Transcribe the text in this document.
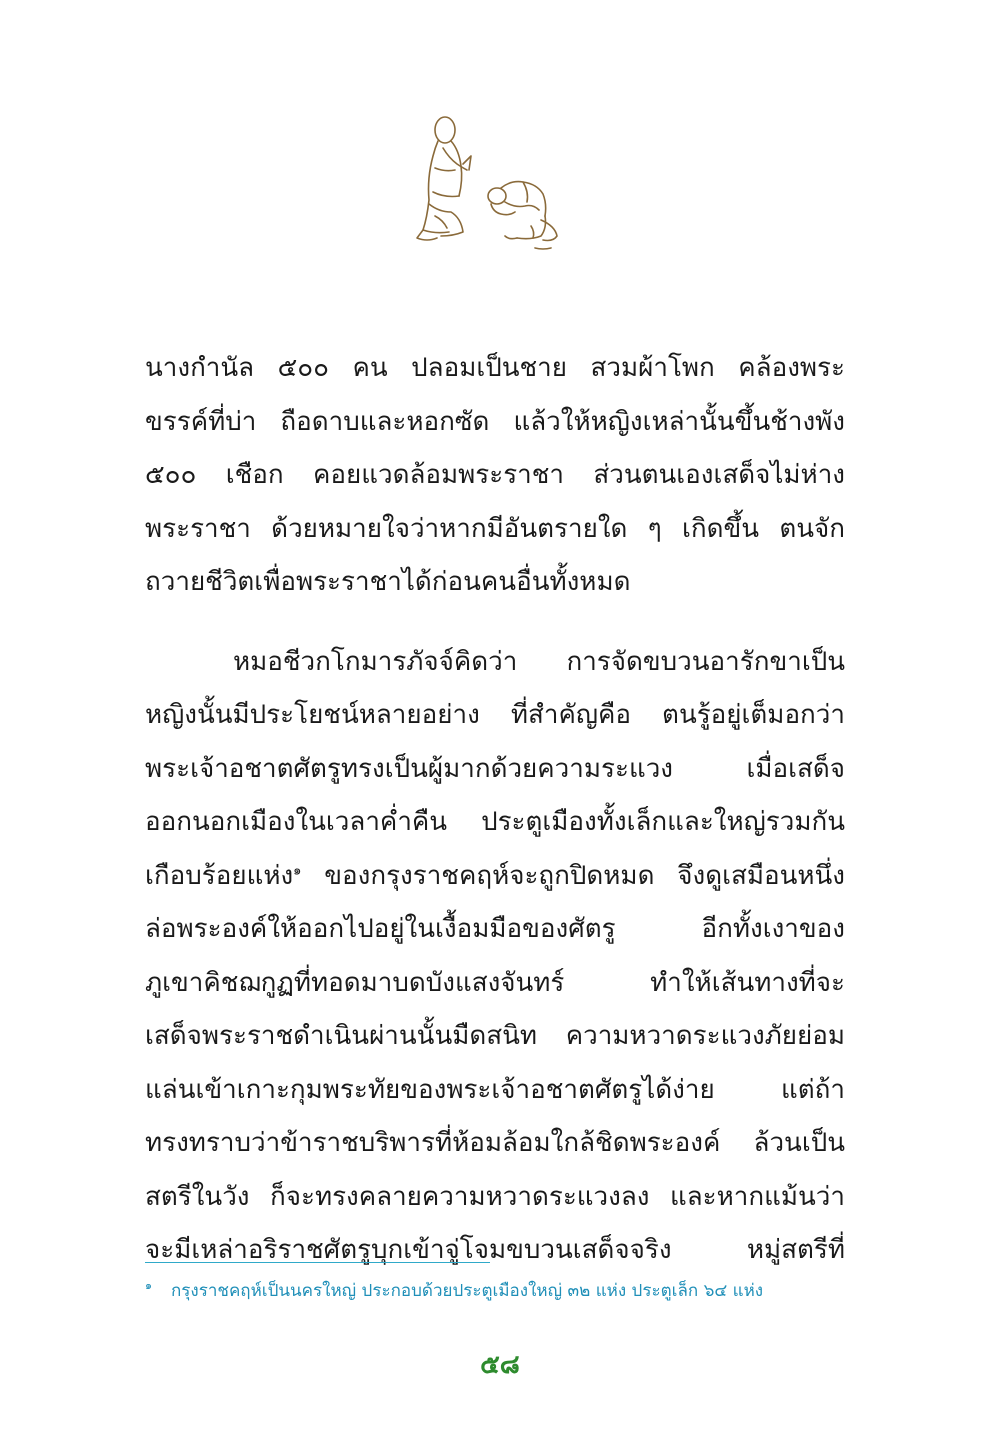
นางกำนัล ๕๐๐ คน ปลอมเป็นชาย สวมผ้าโพก คล้องพระ
ขรรค์ที่บ่า ถือดาบและหอกซัด แล้วให้หญิงเหล่านั้นขึ้นช้างพัง
๕๐๐ เชือก คอยแวดล้อมพระราชา ส่วนตนเองเสด็จไม่ห่าง
พระราชา ด้วยหมายใจว่าหากมีอันตรายใด ๆ เกิดขึ้น ตนจัก
ถวายชีวิตเพื่อพระราชาได้ก่อนคนอื่นทั้งหมด
หมอชีวกโกมารภัจจ์คิดว่า การจัดขบวนอารักขาเป็น
หญิงนั้นมีประโยชน์หลายอย่าง ที่สำคัญคือ ตนรู้อยู่เต็มอกว่า
พระเจ้าอชาตศัตรูทรงเป็นผู้มากด้วยความระแวง เมื่อเสด็จ
ออกนอกเมืองในเวลาค่ำคืน ประตูเมืองทั้งเล็กและใหญ่รวมกัน
เกือบร้อยแห่ง$^๑$ ของกรุงราชคฤห์จะถูกปิดหมด จึงดูเสมือนหนึ่ง
ล่อพระองค์ให้ออกไปอยู่ในเงื้อมมือของศัตรู อีกทั้งเงาของ
ภูเขาคิชฌกูฏที่ทอดมาบดบังแสงจันทร์ ทำให้เส้นทางที่จะ
เสด็จพระราชดำเนินผ่านนั้นมืดสนิท ความหวาดระแวงภัยย่อม
แล่นเข้าเกาะกุมพระทัยของพระเจ้าอชาตศัตรูได้ง่าย แต่ถ้า
ทรงทราบว่าข้าราชบริพารที่ห้อมล้อมใกล้ชิดพระองค์ ล้วนเป็น
สตรีในวัง ก็จะทรงคลายความหวาดระแวงลง และหากแม้นว่า
จะมีเหล่าอริราชศัตรูบุกเข้าจู่โจมขบวนเสด็จจริง หมู่สตรีที่
๑ กรุงราชคฤห์เป็นนครใหญ่ ประกอบด้วยประตูเมืองใหญ่ ๓๒ แห่ง ประตูเล็ก ๖๔ แห่ง
๕๘
